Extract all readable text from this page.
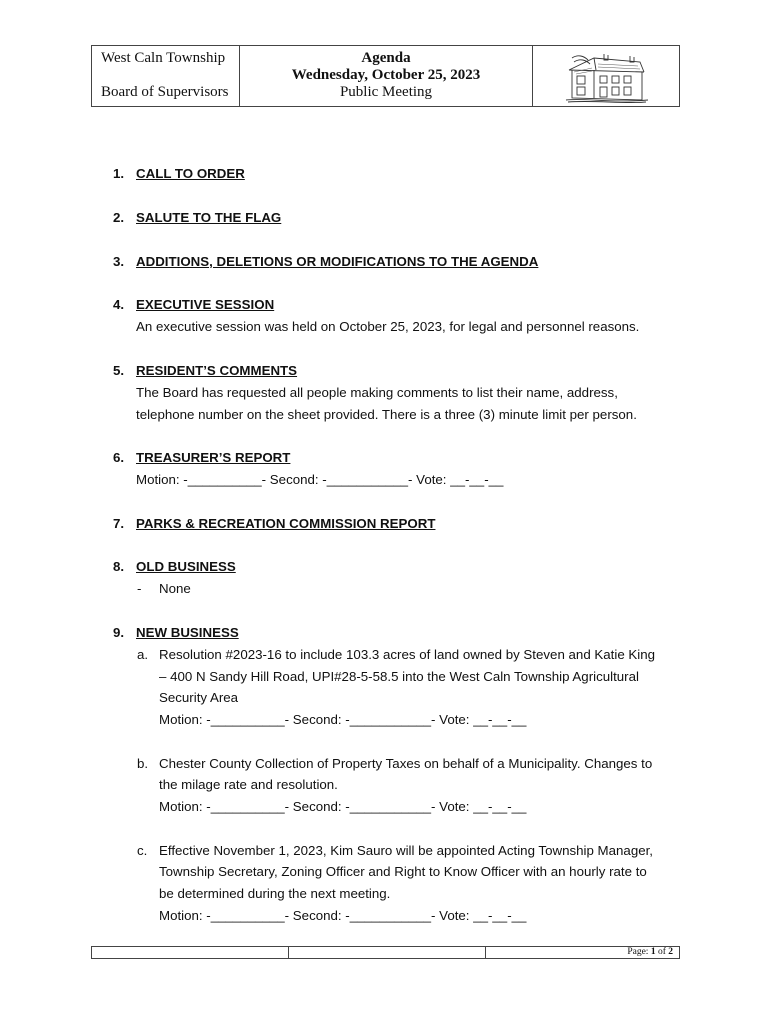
West Caln Township
Board of Supervisors
Agenda
Wednesday, October 25, 2023
Public Meeting
1. CALL TO ORDER
2. SALUTE TO THE FLAG
3. ADDITIONS, DELETIONS OR MODIFICATIONS TO THE AGENDA
4. EXECUTIVE SESSION
An executive session was held on October 25, 2023, for legal and personnel reasons.
5. RESIDENT’S COMMENTS
The Board has requested all people making comments to list their name, address,
telephone number on the sheet provided. There is a three (3) minute limit per person.
6. TREASURER’S REPORT
Motion: -__________- Second: -___________- Vote: __-__-__
7. PARKS & RECREATION COMMISSION REPORT
8. OLD BUSINESS
- None
9. NEW BUSINESS
a. Resolution #2023-16 to include 103.3 acres of land owned by Steven and Katie King
– 400 N Sandy Hill Road, UPI#28-5-58.5 into the West Caln Township Agricultural
Security Area
Motion: -__________- Second: -___________- Vote: __-__-__
b. Chester County Collection of Property Taxes on behalf of a Municipality. Changes to
the milage rate and resolution.
Motion: -__________- Second: -___________- Vote: __-__-__
c. Effective November 1, 2023, Kim Sauro will be appointed Acting Township Manager,
Township Secretary, Zoning Officer and Right to Know Officer with an hourly rate to
be determined during the next meeting.
Motion: -__________- Second: -___________- Vote: __-__-__
Page: 1 of 2
